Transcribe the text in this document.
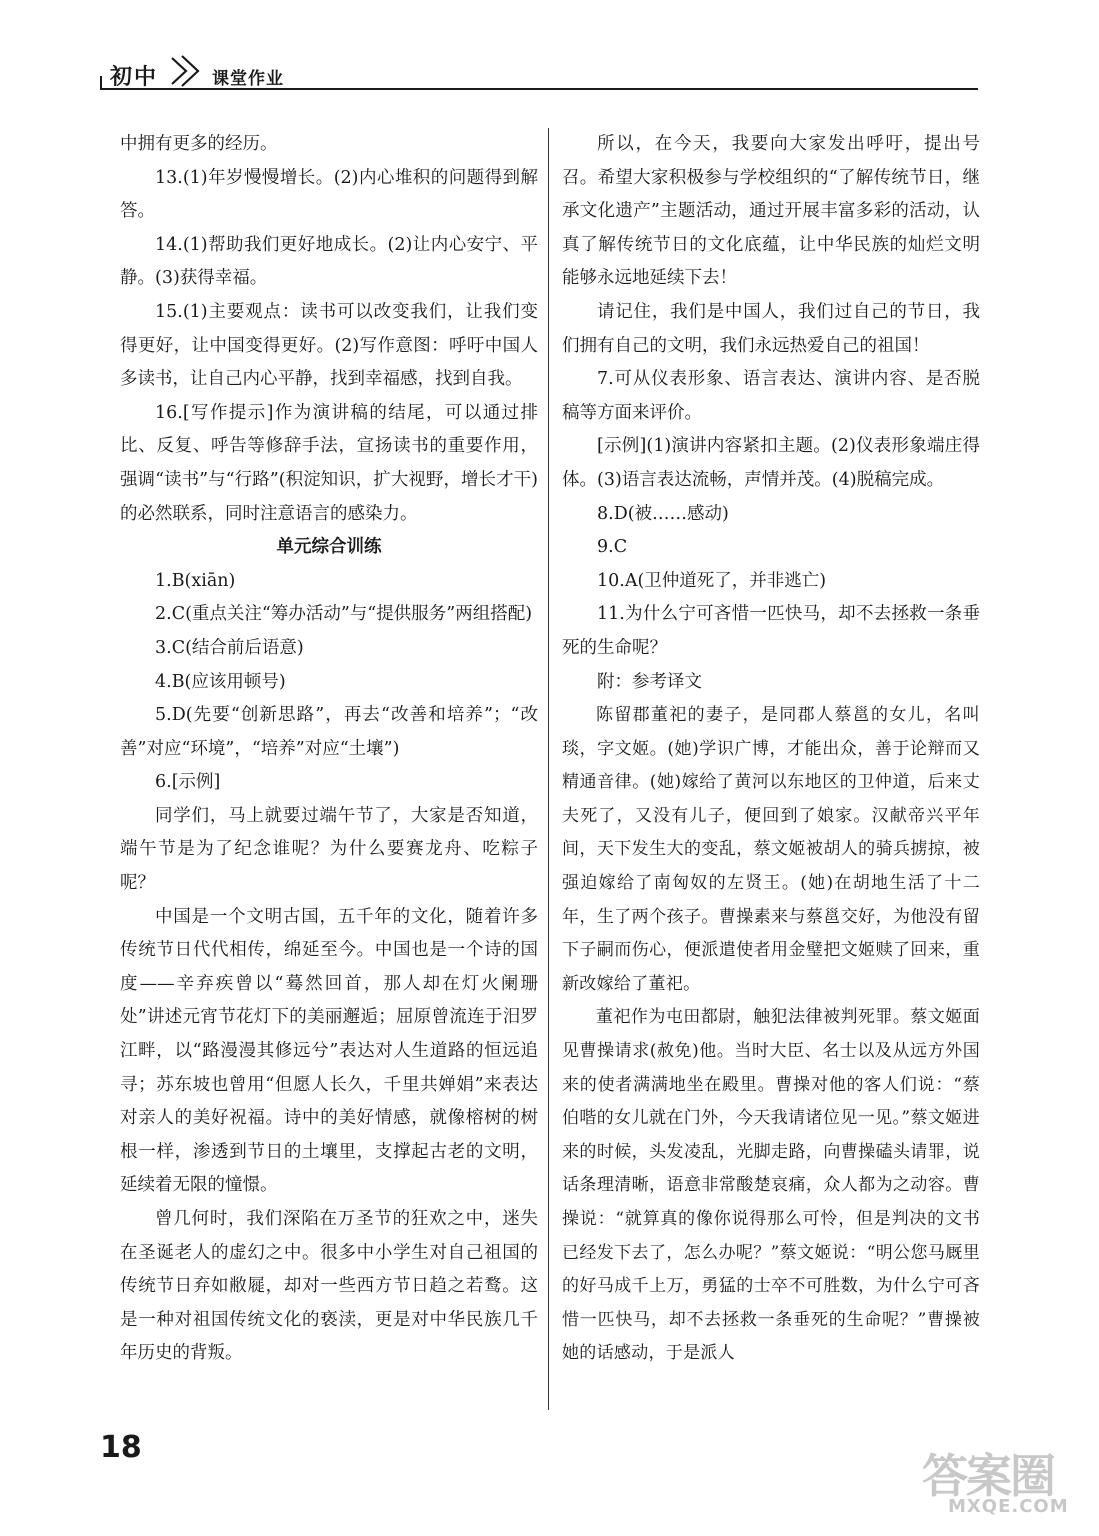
初中	课堂作业

中拥有更多的经历。

13.(1)年岁慢慢增长。(2)内心堆积的问题得到解答。

14.(1)帮助我们更好地成长。(2)让内心安宁、平静。(3)获得幸福。

15.(1)主要观点：读书可以改变我们，让我们变得更好，让中国变得更好。(2)写作意图：呼吁中国人多读书，让自己内心平静，找到幸福感，找到自我。

16.[写作提示]作为演讲稿的结尾，可以通过排比、反复、呼告等修辞手法，宣扬读书的重要作用，强调“读书”与“行路”(积淀知识，扩大视野，增长才干)的必然联系，同时注意语言的感染力。

单元综合训练

1.B(xiān)

2.C(重点关注“筹办活动”与“提供服务”两组搭配)

3.C(结合前后语意)

4.B(应该用顿号)

5.D(先要“创新思路”，再去“改善和培养”；“改善”对应“环境”，“培养”对应“土壤”)

6.[示例]

同学们，马上就要过端午节了，大家是否知道，端午节是为了纪念谁呢？为什么要赛龙舟、吃粽子呢？

中国是一个文明古国，五千年的文化，随着许多传统节日代代相传，绵延至今。中国也是一个诗的国度——辛弃疾曾以“蓦然回首，那人却在灯火阑珊处”讲述元宵节花灯下的美丽邂逅；屈原曾流连于汨罗江畔，以“路漫漫其修远兮”表达对人生道路的恒远追寻；苏东坡也曾用“但愿人长久，千里共婵娟”来表达对亲人的美好祝福。诗中的美好情感，就像榕树的树根一样，渗透到节日的土壤里，支撑起古老的文明，延续着无限的憧憬。

曾几何时，我们深陷在万圣节的狂欢之中，迷失在圣诞老人的虚幻之中。很多中小学生对自己祖国的传统节日弃如敝屣，却对一些西方节日趋之若鹜。这是一种对祖国传统文化的亵渎，更是对中华民族几千年历史的背叛。

所以，在今天，我要向大家发出呼吁，提出号召。希望大家积极参与学校组织的“了解传统节日，继承文化遗产”主题活动，通过开展丰富多彩的活动，认真了解传统节日的文化底蕴，让中华民族的灿烂文明能够永远地延续下去！

请记住，我们是中国人，我们过自己的节日，我们拥有自己的文明，我们永远热爱自己的祖国！

7.可从仪表形象、语言表达、演讲内容、是否脱稿等方面来评价。

[示例](1)演讲内容紧扣主题。(2)仪表形象端庄得体。(3)语言表达流畅，声情并茂。(4)脱稿完成。

8.D(被……感动)

9.C

10.A(卫仲道死了，并非逃亡)

11.为什么宁可吝惜一匹快马，却不去拯救一条垂死的生命呢？

附：参考译文

陈留郡董祀的妻子，是同郡人蔡邕的女儿，名叫琰，字文姬。(她)学识广博，才能出众，善于论辩而又精通音律。(她)嫁给了黄河以东地区的卫仲道，后来丈夫死了，又没有儿子，便回到了娘家。汉献帝兴平年间，天下发生大的变乱，蔡文姬被胡人的骑兵掳掠，被强迫嫁给了南匈奴的左贤王。(她)在胡地生活了十二年，生了两个孩子。曹操素来与蔡邕交好，为他没有留下子嗣而伤心，便派遣使者用金璧把文姬赎了回来，重新改嫁给了董祀。

董祀作为屯田都尉，触犯法律被判死罪。蔡文姬面见曹操请求(赦免)他。当时大臣、名士以及从远方外国来的使者满满地坐在殿里。曹操对他的客人们说：“蔡伯喈的女儿就在门外，今天我请诸位见一见。”蔡文姬进来的时候，头发凌乱，光脚走路，向曹操磕头请罪，说话条理清晰，语意非常酸楚哀痛，众人都为之动容。曹操说：“就算真的像你说得那么可怜，但是判决的文书已经发下去了，怎么办呢？”蔡文姬说：“明公您马厩里的好马成千上万，勇猛的士卒不可胜数，为什么宁可吝惜一匹快马，却不去拯救一条垂死的生命呢？”曹操被她的话感动，于是派人

18
答案圈
MXQE.COM
